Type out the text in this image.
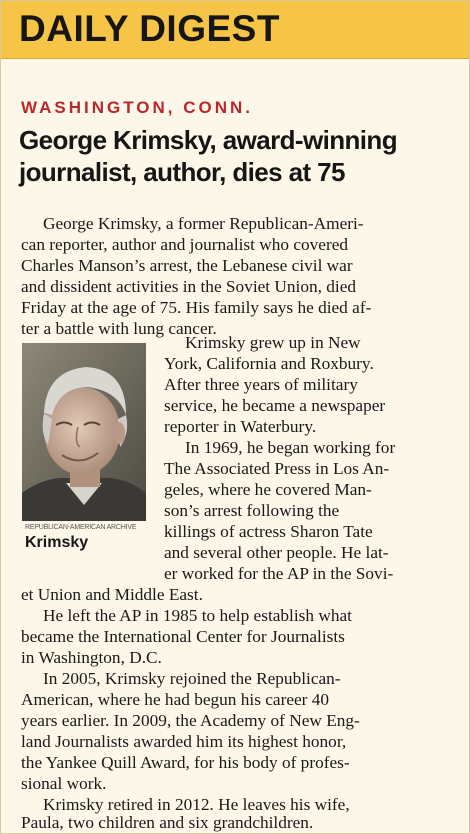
DAILY DIGEST
WASHINGTON, CONN.
George Krimsky, award-winning
journalist, author, dies at 75
George Krimsky, a former Republican-Ameri-
can reporter, author and journalist who covered
Charles Manson’s arrest, the Lebanese civil war
and dissident activities in the Soviet Union, died
Friday at the age of 75. His family says he died af-
ter a battle with lung cancer.
REPUBLICAN-AMERICAN ARCHIVE
Krimsky
Krimsky grew up in New
York, California and Roxbury.
After three years of military
service, he became a newspaper
reporter in Waterbury.
In 1969, he began working for
The Associated Press in Los An-
geles, where he covered Man-
son’s arrest following the
killings of actress Sharon Tate
and several other people. He lat-
er worked for the AP in the Sovi-
et Union and Middle East.
He left the AP in 1985 to help establish what
became the International Center for Journalists
in Washington, D.C.
In 2005, Krimsky rejoined the Republican-
American, where he had begun his career 40
years earlier. In 2009, the Academy of New Eng-
land Journalists awarded him its highest honor,
the Yankee Quill Award, for his body of profes-
sional work.
Krimsky retired in 2012. He leaves his wife,
Paula, two children and six grandchildren.
